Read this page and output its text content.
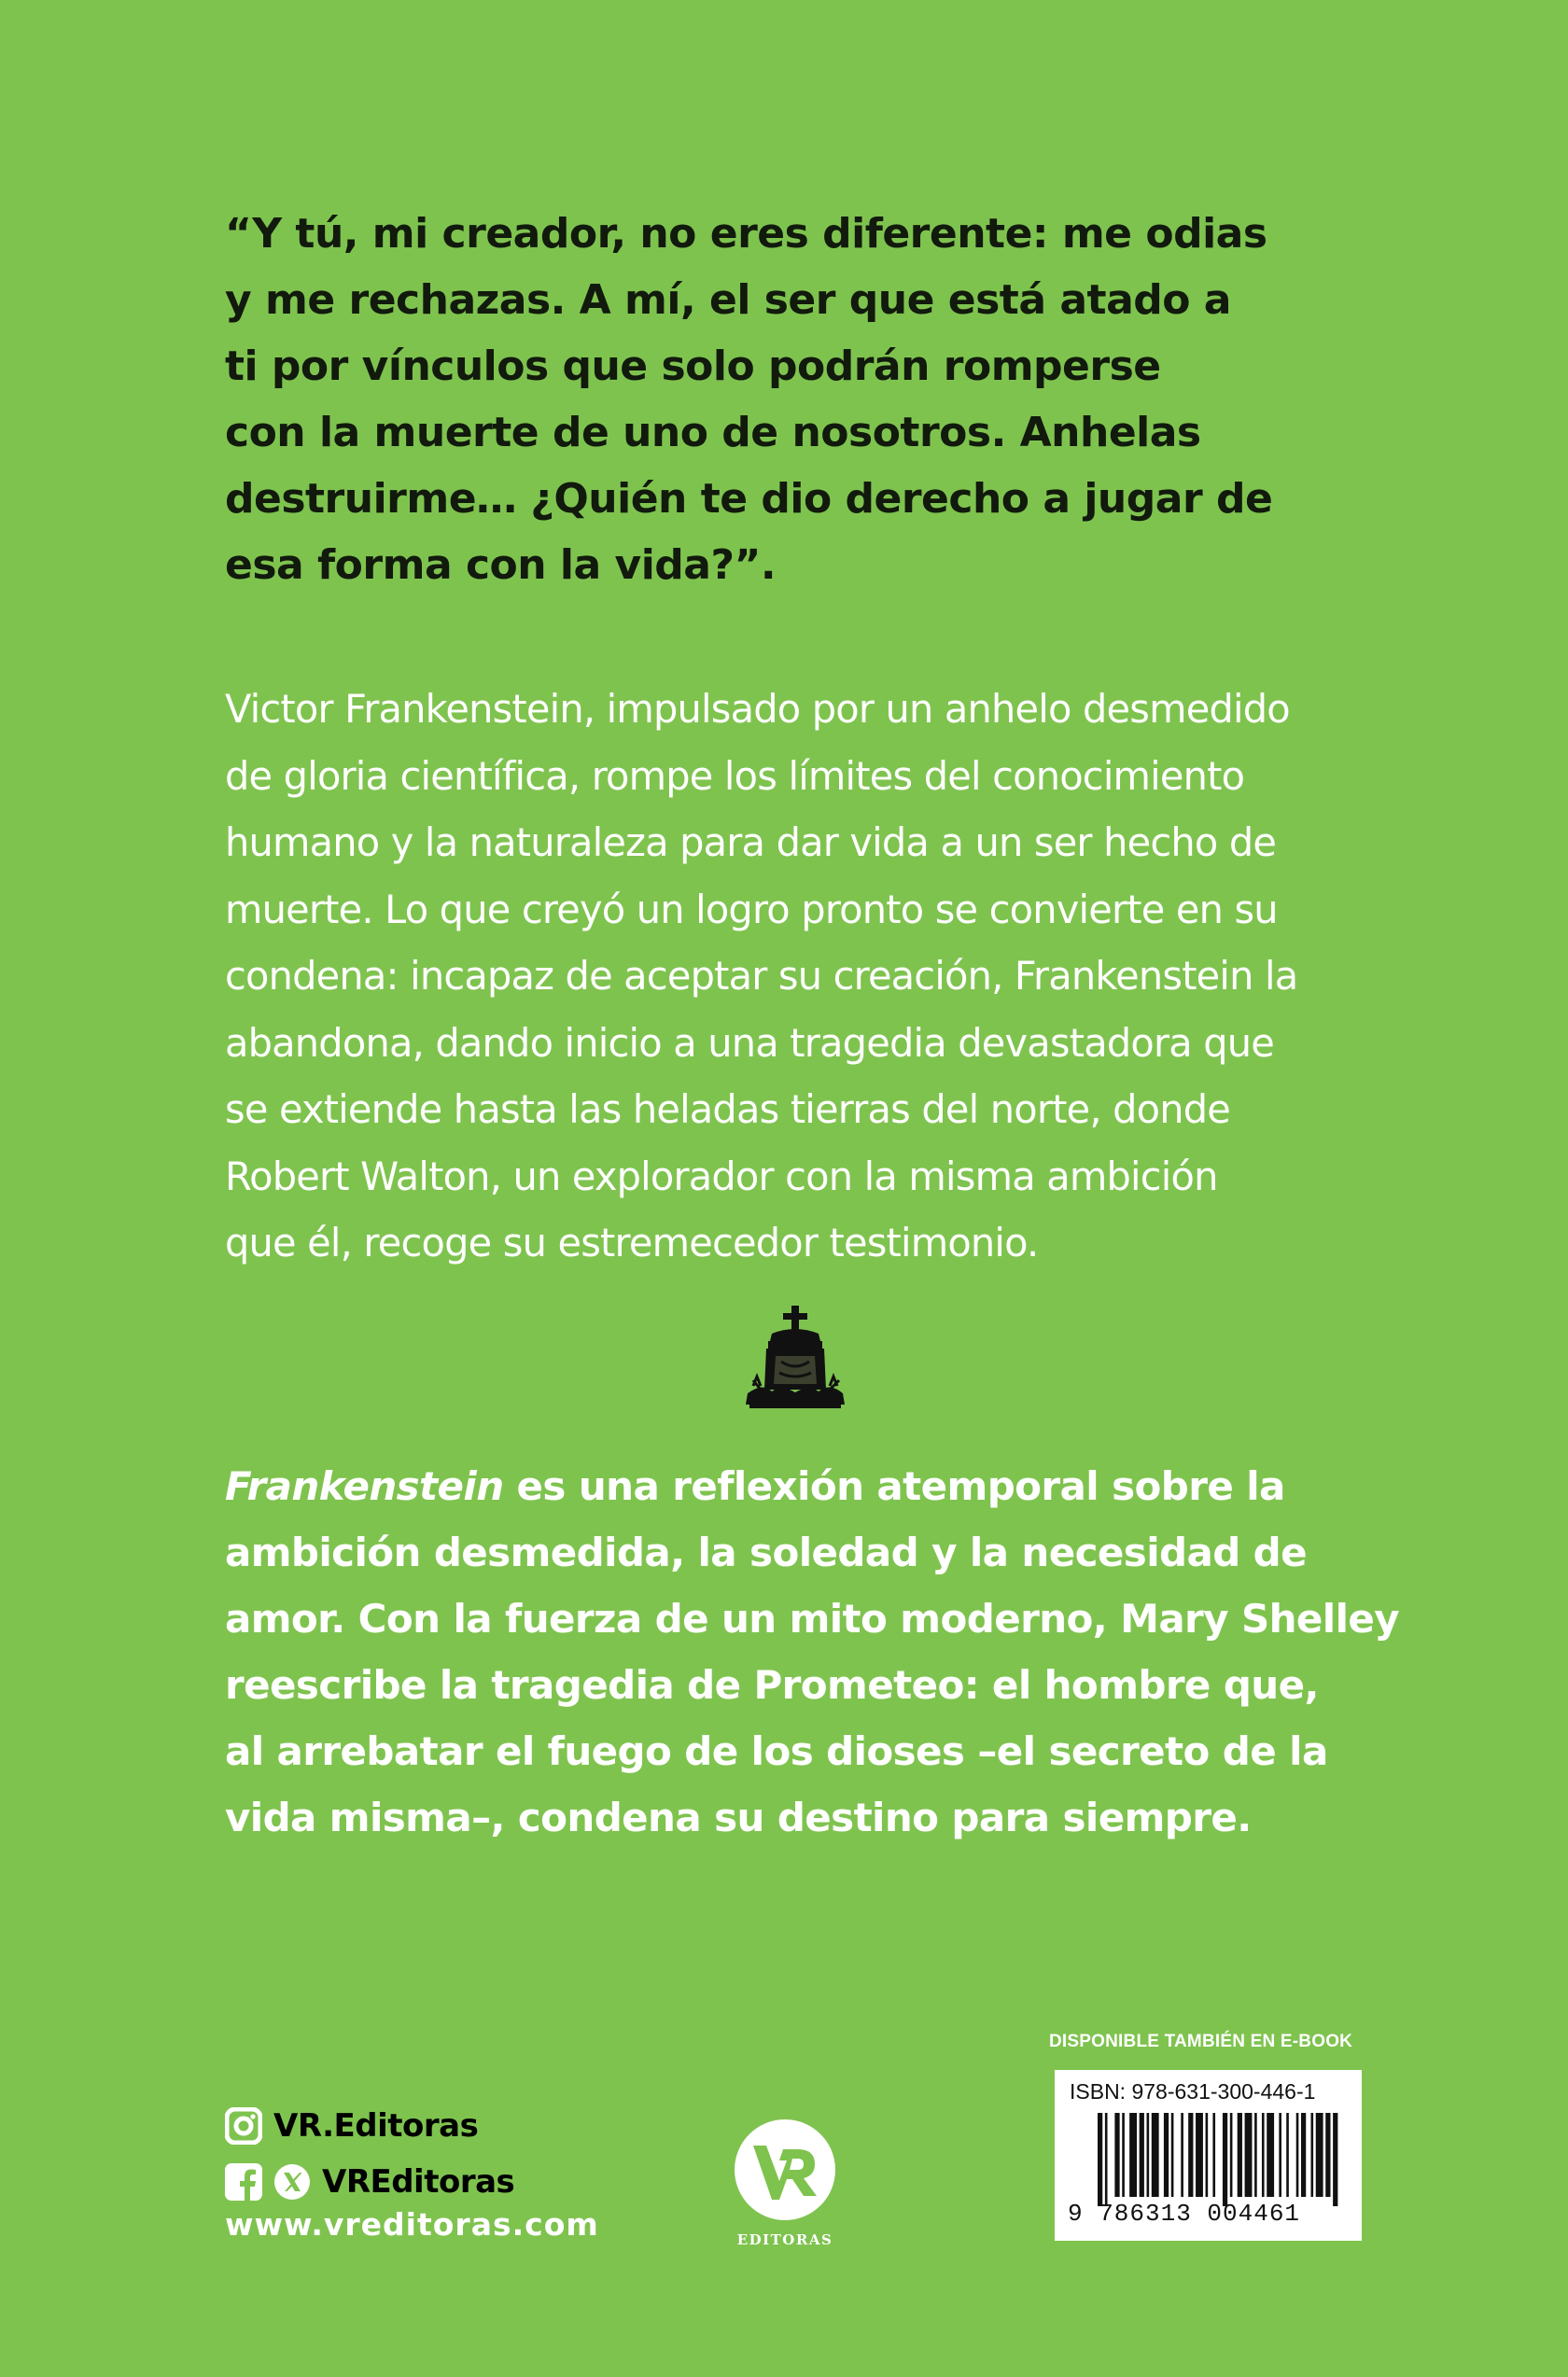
“Y tú, mi creador, no eres diferente: me odias
y me rechazas. A mí, el ser que está atado a
ti por vínculos que solo podrán romperse
con la muerte de uno de nosotros. Anhelas
destruirme… ¿Quién te dio derecho a jugar de
esa forma con la vida?”.
Victor Frankenstein, impulsado por un anhelo desmedido
de gloria científica, rompe los límites del conocimiento
humano y la naturaleza para dar vida a un ser hecho de
muerte. Lo que creyó un logro pronto se convierte en su
condena: incapaz de aceptar su creación, Frankenstein la
abandona, dando inicio a una tragedia devastadora que
se extiende hasta las heladas tierras del norte, donde
Robert Walton, un explorador con la misma ambición
que él, recoge su estremecedor testimonio.
Frankenstein es una reflexión atemporal sobre la
ambición desmedida, la soledad y la necesidad de
amor. Con la fuerza de un mito moderno, Mary Shelley
reescribe la tragedia de Prometeo: el hombre que,
al arrebatar el fuego de los dioses –el secreto de la
vida misma–, condena su destino para siempre.
VR.Editoras
VREditoras
www.vreditoras.com	EDITORAS
DISPONIBLE TAMBIÉN EN E-BOOK
ISBN: 978-631-300-446-1
9 786313 004461
